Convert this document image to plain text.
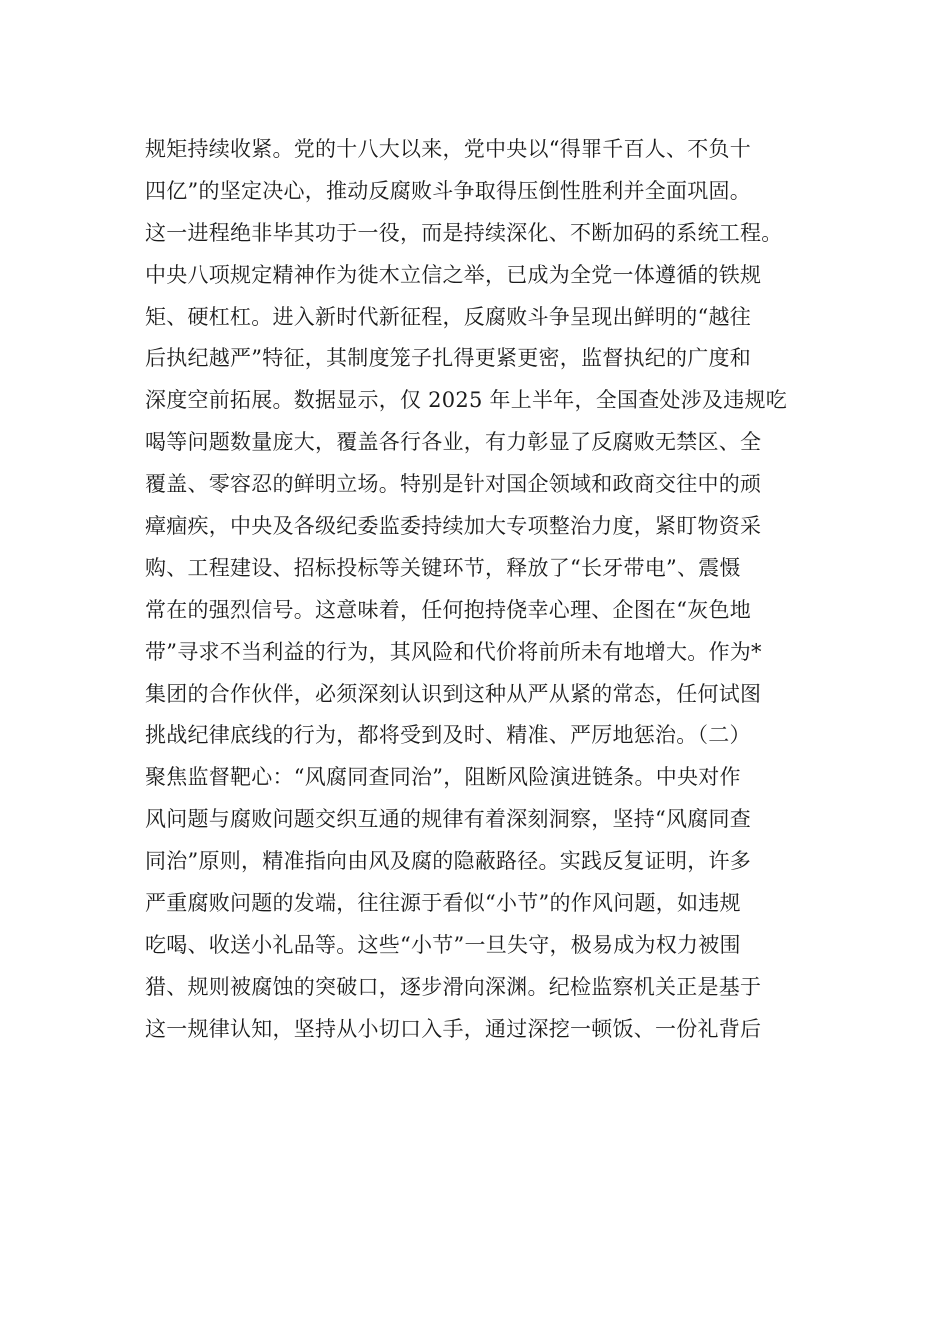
规矩持续收紧。党的十八大以来，党中央以“得罪千百人、不负十
四亿”的坚定决心，推动反腐败斗争取得压倒性胜利并全面巩固。
这一进程绝非毕其功于一役，而是持续深化、不断加码的系统工程。
中央八项规定精神作为徙木立信之举，已成为全党一体遵循的铁规
矩、硬杠杠。进入新时代新征程，反腐败斗争呈现出鲜明的“越往
后执纪越严”特征，其制度笼子扎得更紧更密，监督执纪的广度和
深度空前拓展。数据显示，仅 2025 年上半年，全国查处涉及违规吃
喝等问题数量庞大，覆盖各行各业，有力彰显了反腐败无禁区、全
覆盖、零容忍的鲜明立场。特别是针对国企领域和政商交往中的顽
瘴痼疾，中央及各级纪委监委持续加大专项整治力度，紧盯物资采
购、工程建设、招标投标等关键环节，释放了“长牙带电”、震慑
常在的强烈信号。这意味着，任何抱持侥幸心理、企图在“灰色地
带”寻求不当利益的行为，其风险和代价将前所未有地增大。作为*
集团的合作伙伴，必须深刻认识到这种从严从紧的常态，任何试图
挑战纪律底线的行为，都将受到及时、精准、严厉地惩治。（二）
聚焦监督靶心：“风腐同查同治”，阻断风险演进链条。中央对作
风问题与腐败问题交织互通的规律有着深刻洞察，坚持“风腐同查
同治”原则，精准指向由风及腐的隐蔽路径。实践反复证明，许多
严重腐败问题的发端，往往源于看似“小节”的作风问题，如违规
吃喝、收送小礼品等。这些“小节”一旦失守，极易成为权力被围
猎、规则被腐蚀的突破口，逐步滑向深渊。纪检监察机关正是基于
这一规律认知，坚持从小切口入手，通过深挖一顿饭、一份礼背后
